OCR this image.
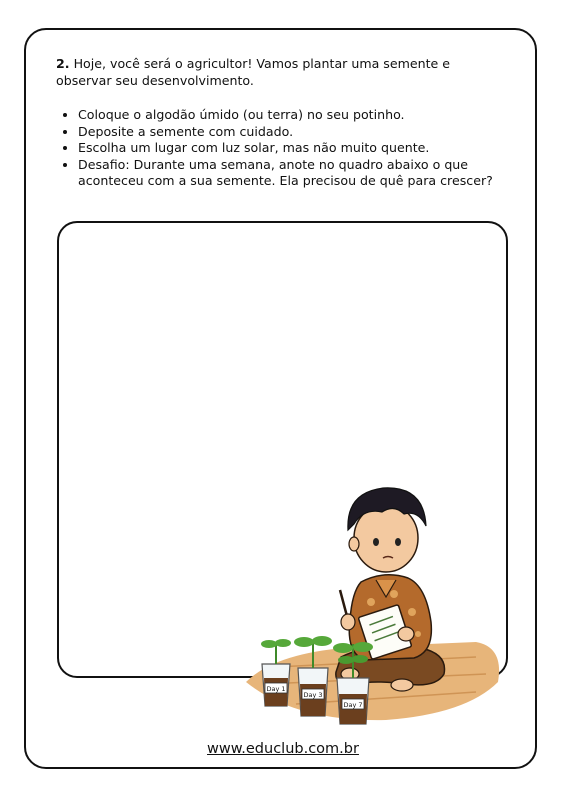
2. Hoje, você será o agricultor! Vamos plantar uma semente e observar seu desenvolvimento.
• Coloque o algodão úmido (ou terra) no seu potinho.
• Deposite a semente com cuidado.
• Escolha um lugar com luz solar, mas não muito quente.
• Desafio: Durante uma semana, anote no quadro abaixo o que aconteceu com a sua semente. Ela precisou de quê para crescer?
Day 1
Day 3
Day 7
www.educlub.com.br
